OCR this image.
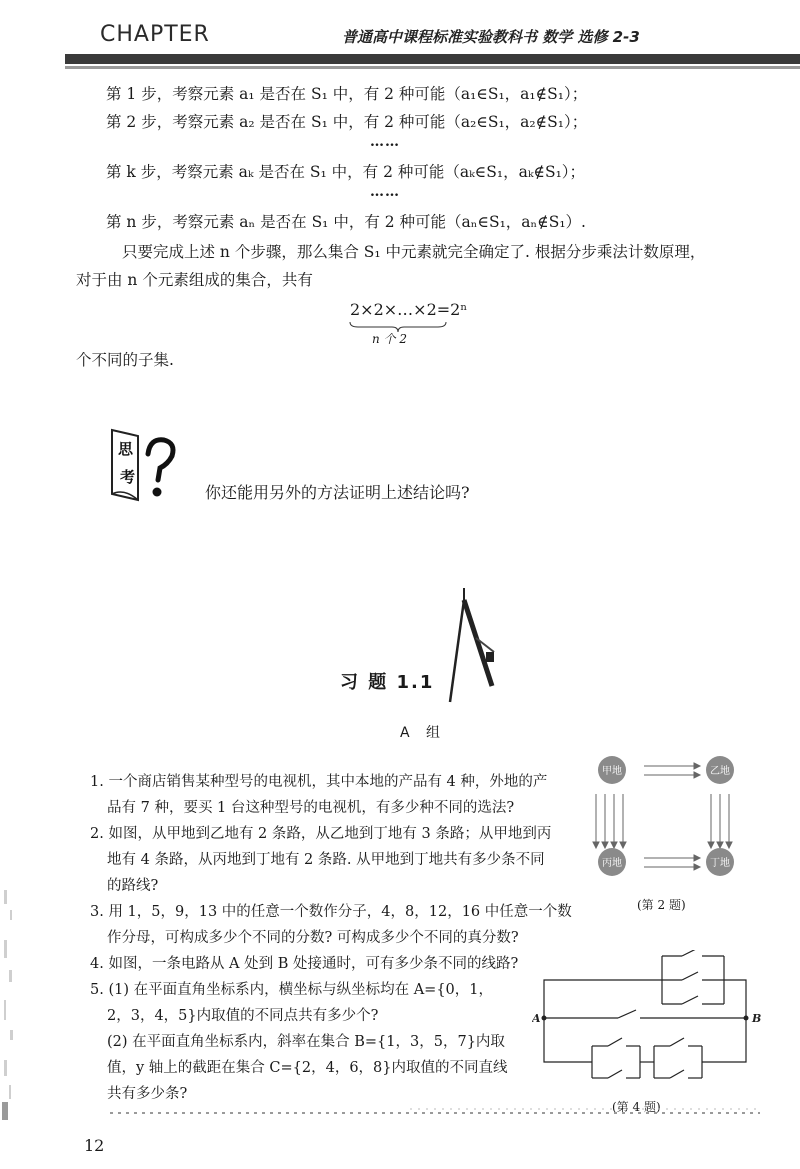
CHAPTER	普通高中课程标准实验教科书 数学 选修 2-3
第 1 步，考察元素 a₁ 是否在 S₁ 中，有 2 种可能（a₁∈S₁，a₁∉S₁）；
第 2 步，考察元素 a₂ 是否在 S₁ 中，有 2 种可能（a₂∈S₁，a₂∉S₁）；
……
第 k 步，考察元素 aₖ 是否在 S₁ 中，有 2 种可能（aₖ∈S₁，aₖ∉S₁）；
……
第 n 步，考察元素 aₙ 是否在 S₁ 中，有 2 种可能（aₙ∈S₁，aₙ∉S₁）.
只要完成上述 n 个步骤，那么集合 S₁ 中元素就完全确定了. 根据分步乘法计数原理，
对于由 n 个元素组成的集合，共有
2×2×…×2=2ⁿ
n 个 2
个不同的子集.
思
考
你还能用另外的方法证明上述结论吗?
习 题 1.1
A 组
1. 一个商店销售某种型号的电视机，其中本地的产品有 4 种，外地的产
品有 7 种，要买 1 台这种型号的电视机，有多少种不同的选法?
2. 如图，从甲地到乙地有 2 条路，从乙地到丁地有 3 条路；从甲地到丙
地有 4 条路，从丙地到丁地有 2 条路. 从甲地到丁地共有多少条不同
的路线?
3. 用 1，5，9，13 中的任意一个数作分子，4，8，12，16 中任意一个数
作分母，可构成多少个不同的分数? 可构成多少个不同的真分数?
4. 如图，一条电路从 A 处到 B 处接通时，可有多少条不同的线路?
5. (1) 在平面直角坐标系内，横坐标与纵坐标均在 A={0，1，
2，3，4，5}内取值的不同点共有多少个?
(2) 在平面直角坐标系内，斜率在集合 B={1，3，5，7}内取
值，y 轴上的截距在集合 C={2，4，6，8}内取值的不同直线
共有多少条?
甲地	乙地
丙地	丁地
(第 2 题)
A	B
(第 4 题)
12
